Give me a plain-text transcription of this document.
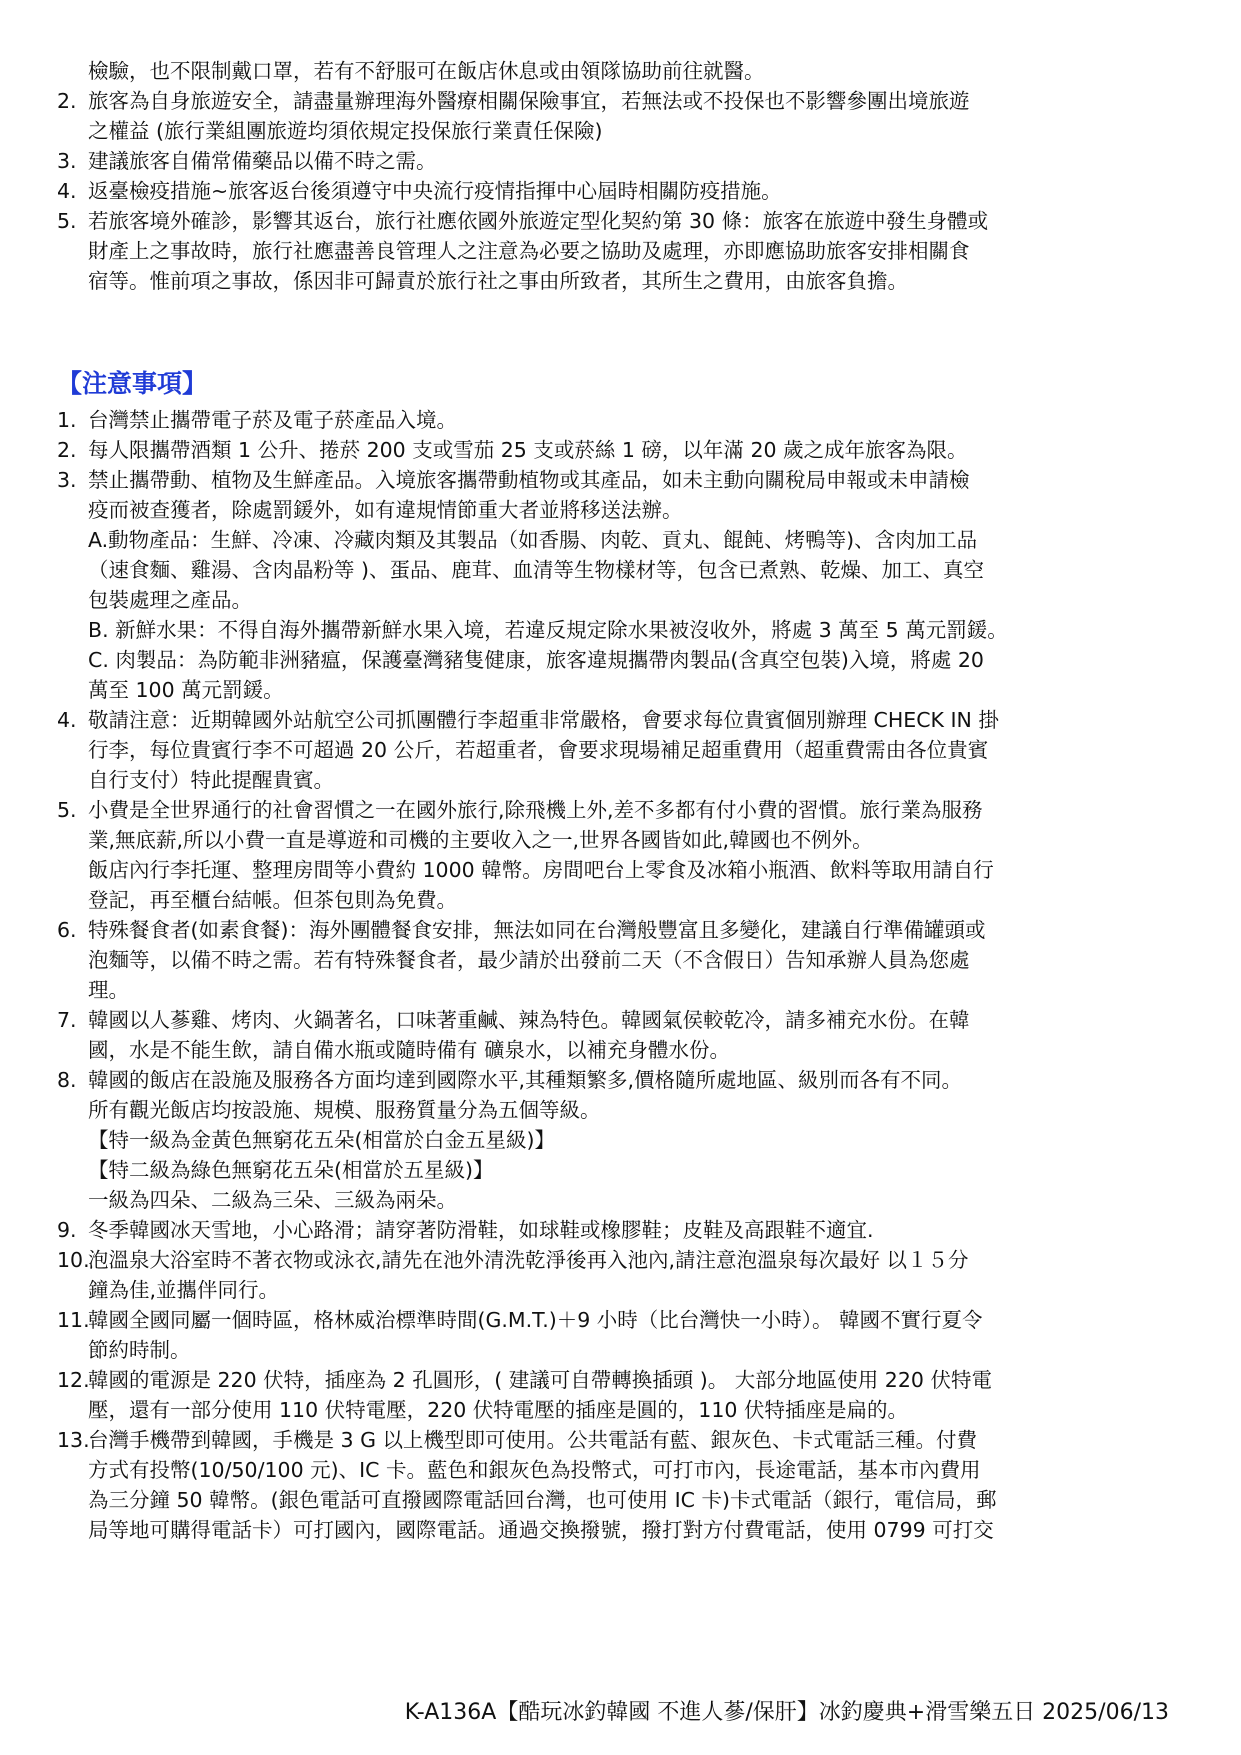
【注意事項】
K-A136A【酷玩冰釣韓國 不進人蔘/保肝】冰釣慶典+滑雪樂五日 2025/06/13
檢驗，也不限制戴口罩，若有不舒服可在飯店休息或由領隊協助前往就醫。
2. 旅客為自身旅遊安全，請盡量辦理海外醫療相關保險事宜，若無法或不投保也不影響參團出境旅遊
之權益 (旅行業組團旅遊均須依規定投保旅行業責任保險)
3. 建議旅客自備常備藥品以備不時之需。
4. 返臺檢疫措施~旅客返台後須遵守中央流行疫情指揮中心屆時相關防疫措施。
5. 若旅客境外確診，影響其返台，旅行社應依國外旅遊定型化契約第 30 條：旅客在旅遊中發生身體或
財產上之事故時，旅行社應盡善良管理人之注意為必要之協助及處理，亦即應協助旅客安排相關食
宿等。惟前項之事故，係因非可歸責於旅行社之事由所致者，其所生之費用，由旅客負擔。
1. 台灣禁止攜帶電子菸及電子菸產品入境。
2. 每人限攜帶酒類 1 公升、捲菸 200 支或雪茄 25 支或菸絲 1 磅，以年滿 20 歲之成年旅客為限。
3. 禁止攜帶動、植物及生鮮產品。入境旅客攜帶動植物或其產品，如未主動向關稅局申報或未申請檢
疫而被查獲者，除處罰鍰外，如有違規情節重大者並將移送法辦。
A.動物產品：生鮮、冷凍、冷藏肉類及其製品（如香腸、肉乾、貢丸、餛飩、烤鴨等)、含肉加工品
（速食麵、雞湯、含肉晶粉等 )、蛋品、鹿茸、血清等生物樣材等，包含已煮熟、乾燥、加工、真空
包裝處理之產品。
B. 新鮮水果：不得自海外攜帶新鮮水果入境，若違反規定除水果被沒收外，將處 3 萬至 5 萬元罰鍰。
C. 肉製品：為防範非洲豬瘟，保護臺灣豬隻健康，旅客違規攜帶肉製品(含真空包裝)入境，將處 20
萬至 100 萬元罰鍰。
4. 敬請注意：近期韓國外站航空公司抓團體行李超重非常嚴格，會要求每位貴賓個別辦理 CHECK IN 掛
行李，每位貴賓行李不可超過 20 公斤，若超重者，會要求現場補足超重費用（超重費需由各位貴賓
自行支付）特此提醒貴賓。
5. 小費是全世界通行的社會習慣之一在國外旅行,除飛機上外,差不多都有付小費的習慣。旅行業為服務
業,無底薪,所以小費一直是導遊和司機的主要收入之一,世界各國皆如此,韓國也不例外。
飯店內行李托運、整理房間等小費約 1000 韓幣。房間吧台上零食及冰箱小瓶酒、飲料等取用請自行
登記，再至櫃台結帳。但茶包則為免費。
6. 特殊餐食者(如素食餐)：海外團體餐食安排，無法如同在台灣般豐富且多變化，建議自行準備罐頭或
泡麵等，以備不時之需。若有特殊餐食者，最少請於出發前二天（不含假日）告知承辦人員為您處
理。
7. 韓國以人蔘雞、烤肉、火鍋著名，口味著重鹹、辣為特色。韓國氣侯較乾冷，請多補充水份。在韓
國，水是不能生飲，請自備水瓶或隨時備有 礦泉水，以補充身體水份。
8. 韓國的飯店在設施及服務各方面均達到國際水平,其種類繁多,價格隨所處地區、級別而各有不同。
所有觀光飯店均按設施、規模、服務質量分為五個等級。
【特一級為金黃色無窮花五朵(相當於白金五星級)】
【特二級為綠色無窮花五朵(相當於五星級)】
一級為四朵、二級為三朵、三級為兩朵。
9. 冬季韓國冰天雪地，小心路滑；請穿著防滑鞋，如球鞋或橡膠鞋；皮鞋及高跟鞋不適宜.
10.
泡溫泉大浴室時不著衣物或泳衣,請先在池外清洗乾淨後再入池內,請注意泡溫泉每次最好 以１５分
鐘為佳,並攜伴同行。
11.
韓國全國同屬一個時區，格林威治標準時間(G.M.T.)＋9 小時（比台灣快一小時）。 韓國不實行夏令
節約時制。
12.
韓國的電源是 220 伏特，插座為 2 孔圓形，( 建議可自帶轉換插頭 )。 大部分地區使用 220 伏特電
壓，還有一部分使用 110 伏特電壓，220 伏特電壓的插座是圓的，110 伏特插座是扁的。
13.
台灣手機帶到韓國，手機是 3 G 以上機型即可使用。公共電話有藍、銀灰色、卡式電話三種。付費
方式有投幣(10/50/100 元)、IC 卡。藍色和銀灰色為投幣式，可打市內，長途電話，基本市內費用
為三分鐘 50 韓幣。(銀色電話可直撥國際電話回台灣，也可使用 IC 卡)卡式電話（銀行，電信局，郵
局等地可購得電話卡）可打國內，國際電話。通過交換撥號，撥打對方付費電話，使用 0799 可打交
